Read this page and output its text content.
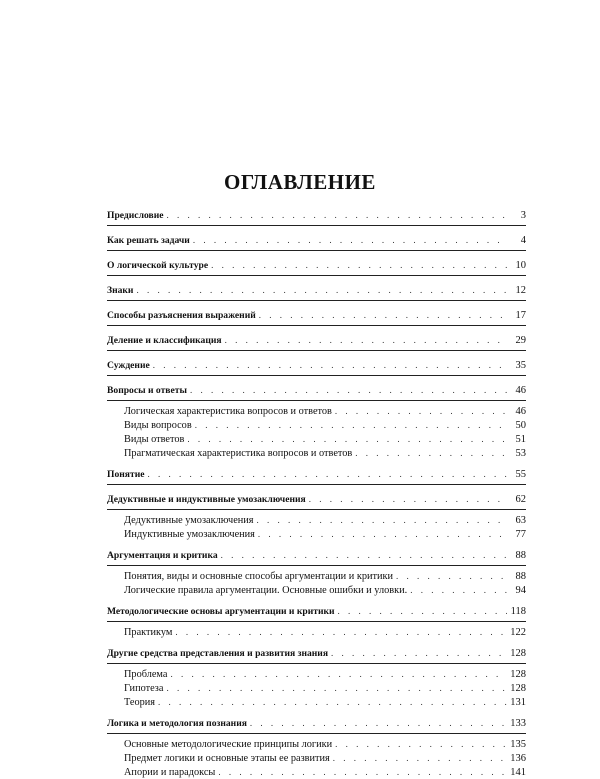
ОГЛАВЛЕНИЕ
Предисловие . . .	3
Как решать задачи . . .	4
О логической культуре . . .	10
Знаки . . .	12
Способы разъяснения выражений . . .	17
Деление и классификация . . .	29
Суждение . . .	35
Вопросы и ответы . . .	46
Логическая характеристика вопросов и ответов . . .	46
Виды вопросов . . .	50
Виды ответов . . .	51
Прагматическая характеристика вопросов и ответов . . .	53
Понятие . . .	55
Дедуктивные и индуктивные умозаключения . . .	62
Дедуктивные умозаключения . . .	63
Индуктивные умозаключения . . .	77
Аргументация и критика . . .	88
Понятия, виды и основные способы аргументации и критики . . .	88
Логические правила аргументации. Основные ошибки и уловки. . . .	94
Методологические основы аргументации и критики . . .	118
Практикум . . .	122
Другие средства представления и развития знания . . .	128
Проблема . . .	128
Гипотеза . . .	128
Теория . . .	131
Логика и методология познания . . .	133
Основные методологические принципы логики . . .	135
Предмет логики и основные этапы ее развития . . .	136
Апории и парадоксы . . .	141
